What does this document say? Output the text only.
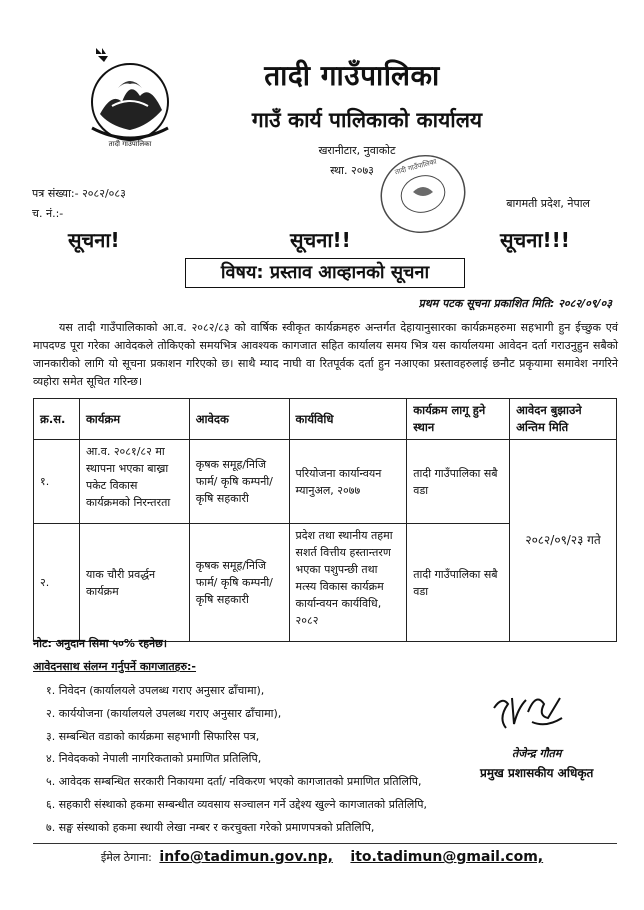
तादी गाउँपालिका
तादी गाउँपालिका
गाउँ कार्य पालिकाको कार्यालय
खरानीटार, नुवाकोट
स्था. २०७३	तादी गाउँपालिका
पत्र संख्या:- २०८२/०८३
च. नं.:-
बागमती प्रदेश, नेपाल
सूचना!	सूचना!!	सूचना!!!
विषय: प्रस्ताव आव्हानको सूचना
प्रथम पटक सूचना प्रकाशित मिति: २०८२/०९/०३
यस तादी गाउँपालिकाको आ.व. २०८२/८३ को वार्षिक स्वीकृत कार्यक्रमहरु अन्तर्गत देहायानुसारका कार्यक्रमहरुमा सहभागी हुन ईच्छुक एवं मापदण्ड पूरा गरेका आवेदकले तोकिएको समयभित्र आवश्यक कागजात सहित कार्यालय समय भित्र यस कार्यालयमा आवेदन दर्ता गराउनुहुन सबैको जानकारीको लागि यो सूचना प्रकाशन गरिएको छ। साथै म्याद नाघी वा रितपूर्वक दर्ता हुन नआएका प्रस्तावहरुलाई छनौट प्रकृयामा समावेश नगरिने व्यहोरा समेत सूचित गरिन्छ।
क्र.स.	कार्यक्रम	आवेदक	कार्यविधि	कार्यक्रम लागू हुने स्थान	आवेदन बुझाउने अन्तिम मिति
१.	आ.व. २०८१/८२ मा स्थापना भएका बाख्रा पकेट विकास कार्यक्रमको निरन्तरता	कृषक समूह/निजि फार्म/ कृषि कम्पनी/ कृषि सहकारी	परियोजना कार्यान्वयन म्यानुअल, २०७७	तादी गाउँपालिका सबै वडा	२०८२/०९/२३ गते
२.	याक चौरी प्रवर्द्धन कार्यक्रम	कृषक समूह/निजि फार्म/ कृषि कम्पनी/ कृषि सहकारी	प्रदेश तथा स्थानीय तहमा सशर्त वित्तीय हस्तान्तरण भएका पशुपन्छी तथा मत्स्य विकास कार्यक्रम कार्यान्वयन कार्यविधि, २०८२	तादी गाउँपालिका सबै वडा	
नोट: अनुदान सिमा ५०% रहनेछ।
आवेदनसाथ संलग्न गर्नुपर्ने कागजातहरु:-
१. निवेदन (कार्यालयले उपलब्ध गराए अनुसार ढाँचामा),
२. कार्ययोजना (कार्यालयले उपलब्ध गराए अनुसार ढाँचामा),
३. सम्बन्धित वडाको कार्यक्रमा सहभागी सिफारिस पत्र,
४. निवेदकको नेपाली नागरिकताको प्रमाणित प्रतिलिपि,
५. आवेदक सम्बन्धित सरकारी निकायमा दर्ता/ नविकरण भएको कागजातको प्रमाणित प्रतिलिपि,
६. सहकारी संस्थाको हकमा सम्बन्धीत व्यवसाय सञ्चालन गर्ने उद्देश्य खुल्ने कागजातको प्रतिलिपि,
७. सङ्घ संस्थाको हकमा स्थायी लेखा नम्बर र करचुक्ता गरेको प्रमाणपत्रको प्रतिलिपि,
तेजेन्द्र गौतम
प्रमुख प्रशासकीय अधिकृत
ईमेल ठेगाना: info@tadimun.gov.np, ito.tadimun@gmail.com,
